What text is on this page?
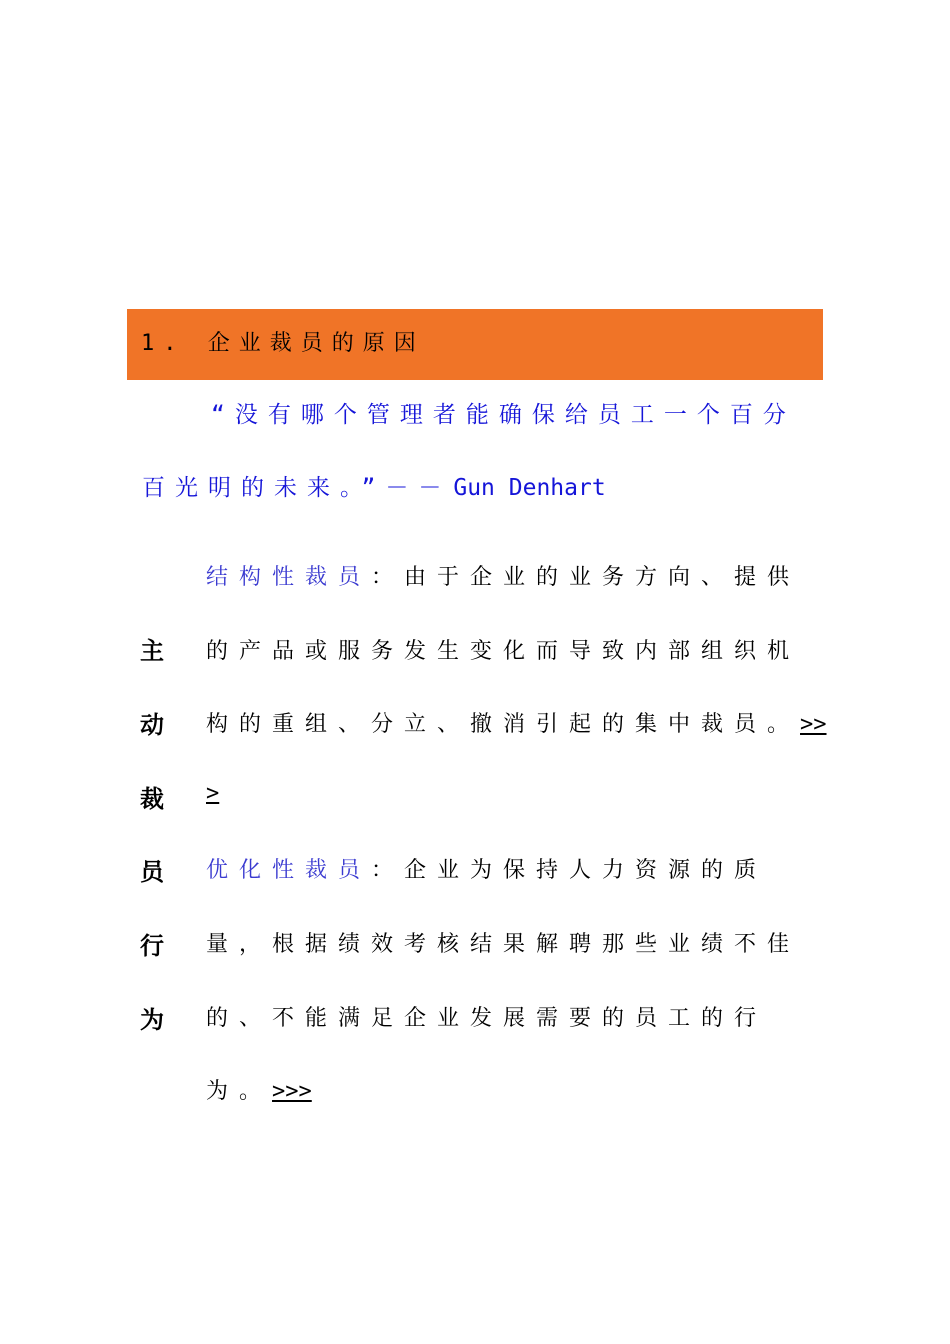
1. 企业裁员的原因
“没有哪个管理者能确保给员工一个百分
百光明的未来。”－－Gun Denhart
主
动
裁
员
行
为
结构性裁员：由于企业的业务方向、提供
的产品或服务发生变化而导致内部组织机
构的重组、分立、撤消引起的集中裁员。>>
>
优化性裁员：企业为保持人力资源的质
量，根据绩效考核结果解聘那些业绩不佳
的、不能满足企业发展需要的员工的行
为。>>>
